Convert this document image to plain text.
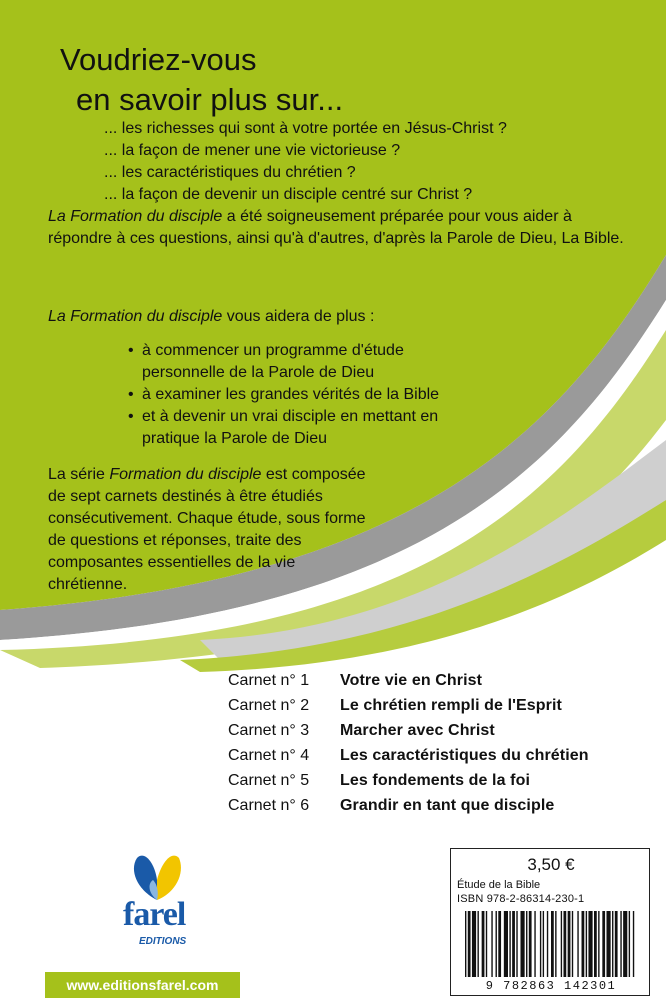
Voudriez-vous
en savoir plus sur...
... les richesses qui sont à votre portée en Jésus-Christ ?
... la façon de mener une vie victorieuse ?
... les caractéristiques du chrétien ?
... la façon de devenir un disciple centré sur Christ ?

La Formation du disciple a été soigneusement préparée pour vous aider à répondre à ces questions, ainsi qu'à d'autres, d'après la Parole de Dieu, La Bible.

La Formation du disciple vous aidera de plus :

• à commencer un programme d'étude personnelle de la Parole de Dieu
• à examiner les grandes vérités de la Bible
• et à devenir un vrai disciple en mettant en pratique la Parole de Dieu

La série Formation du disciple est composée de sept carnets destinés à être étudiés consécutivement. Chaque étude, sous forme de questions et réponses, traite des composantes essentielles de la vie chrétienne.

Carnet n° 1	Votre vie en Christ
Carnet n° 2	Le chrétien rempli de l'Esprit
Carnet n° 3	Marcher avec Christ
Carnet n° 4	Les caractéristiques du chrétien
Carnet n° 5	Les fondements de la foi
Carnet n° 6	Grandir en tant que disciple
farel
EDITIONS
www.editionsfarel.com
3,50 €
Étude de la Bible
ISBN 978-2-86314-230-1
9 782863 142301
